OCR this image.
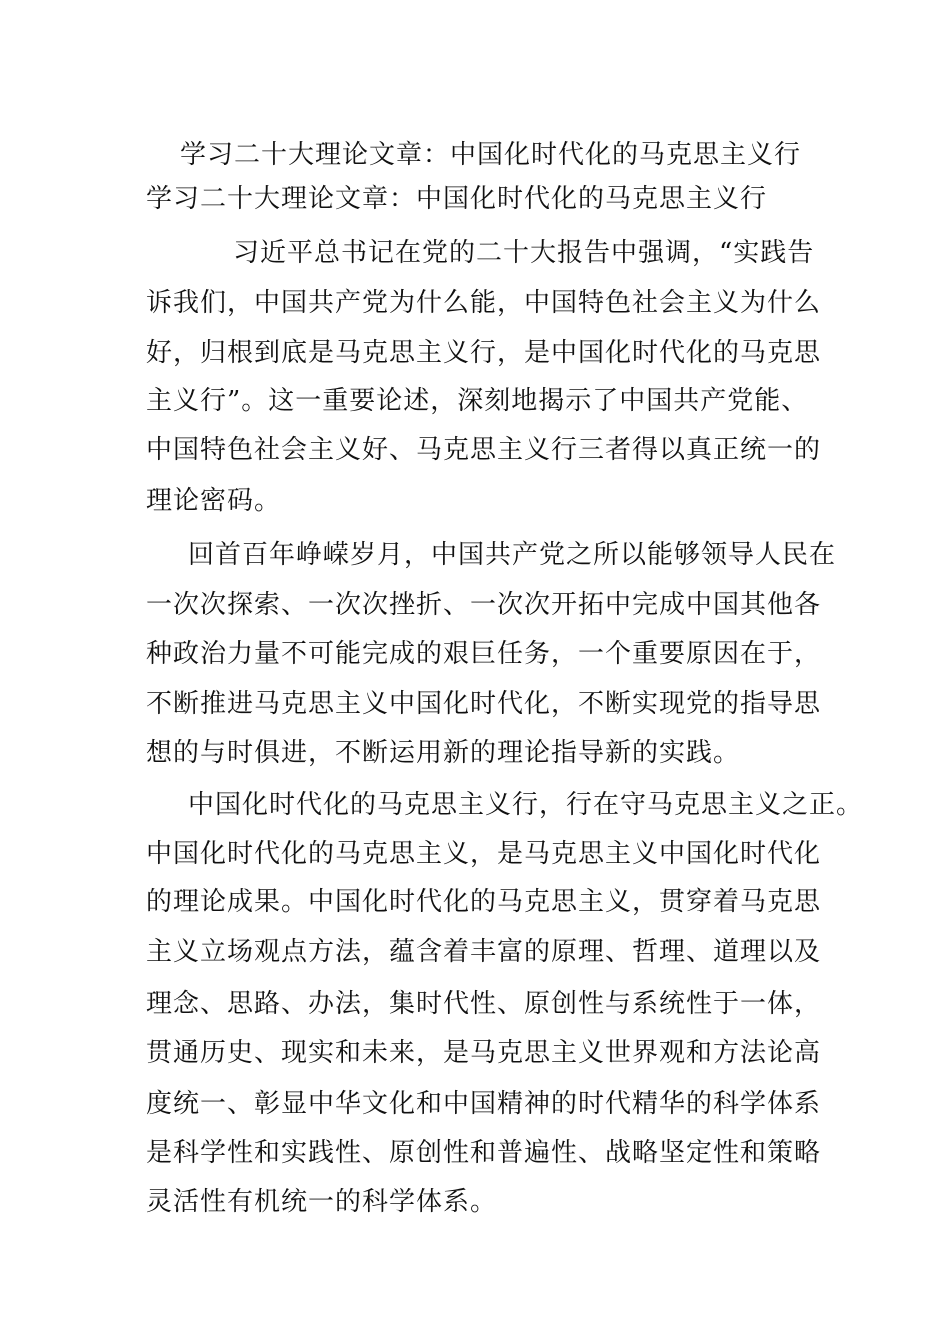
学习二十大理论文章：中国化时代化的马克思主义行

学习二十大理论文章：中国化时代化的马克思主义行

习近平总书记在党的二十大报告中强调，“实践告

诉我们，中国共产党为什么能，中国特色社会主义为什么

好，归根到底是马克思主义行，是中国化时代化的马克思

主义行”。这一重要论述，深刻地揭示了中国共产党能、

中国特色社会主义好、马克思主义行三者得以真正统一的

理论密码。

回首百年峥嵘岁月，中国共产党之所以能够领导人民在

一次次探索、一次次挫折、一次次开拓中完成中国其他各

种政治力量不可能完成的艰巨任务，一个重要原因在于，

不断推进马克思主义中国化时代化，不断实现党的指导思

想的与时俱进，不断运用新的理论指导新的实践。

中国化时代化的马克思主义行，行在守马克思主义之正。

中国化时代化的马克思主义，是马克思主义中国化时代化

的理论成果。中国化时代化的马克思主义，贯穿着马克思

主义立场观点方法，蕴含着丰富的原理、哲理、道理以及

理念、思路、办法，集时代性、原创性与系统性于一体，

贯通历史、现实和未来，是马克思主义世界观和方法论高

度统一、彰显中华文化和中国精神的时代精华的科学体系

是科学性和实践性、原创性和普遍性、战略坚定性和策略

灵活性有机统一的科学体系。
